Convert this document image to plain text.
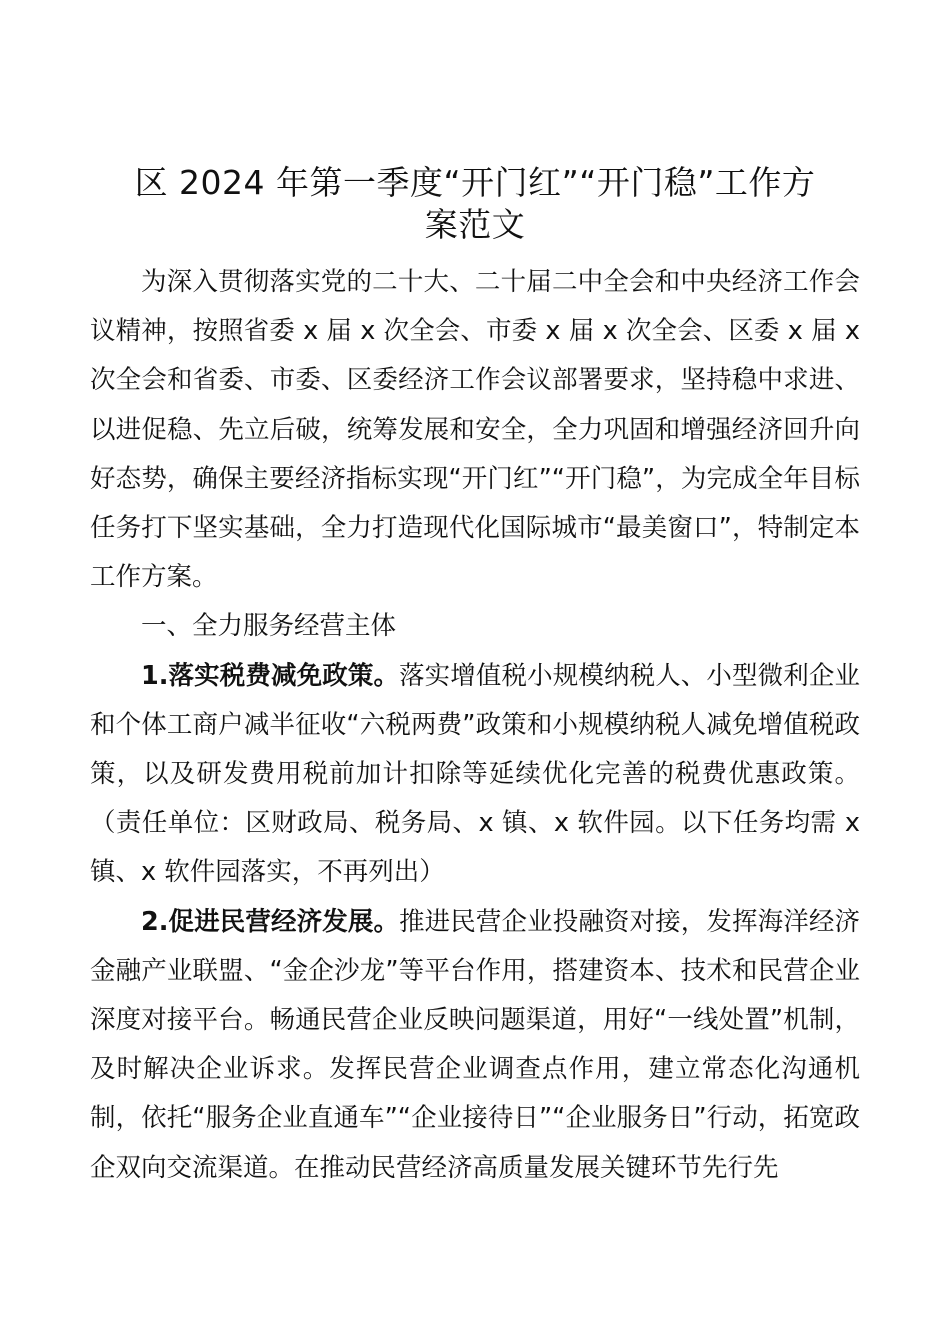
区 2024 年第一季度“开门红”“开门稳”工作方
案范文

为深入贯彻落实党的二十大、二十届二中全会和中央经济工作会议精神，按照省委 x 届 x 次全会、市委 x 届 x 次全会、区委 x 届 x 次全会和省委、市委、区委经济工作会议部署要求，坚持稳中求进、以进促稳、先立后破，统筹发展和安全，全力巩固和增强经济回升向好态势，确保主要经济指标实现“开门红”“开门稳”，为完成全年目标任务打下坚实基础，全力打造现代化国际城市“最美窗口”，特制定本工作方案。

一、全力服务经营主体

1.落实税费减免政策。落实增值税小规模纳税人、小型微利企业和个体工商户减半征收“六税两费”政策和小规模纳税人减免增值税政策，以及研发费用税前加计扣除等延续优化完善的税费优惠政策。（责任单位：区财政局、税务局、x 镇、x 软件园。以下任务均需 x 镇、x 软件园落实，不再列出）

2.促进民营经济发展。推进民营企业投融资对接，发挥海洋经济金融产业联盟、“金企沙龙”等平台作用，搭建资本、技术和民营企业深度对接平台。畅通民营企业反映问题渠道，用好“一线处置”机制，及时解决企业诉求。发挥民营企业调查点作用，建立常态化沟通机制，依托“服务企业直通车”“企业接待日”“企业服务日”行动，拓宽政企双向交流渠道。在推动民营经济高质量发展关键环节先行先
